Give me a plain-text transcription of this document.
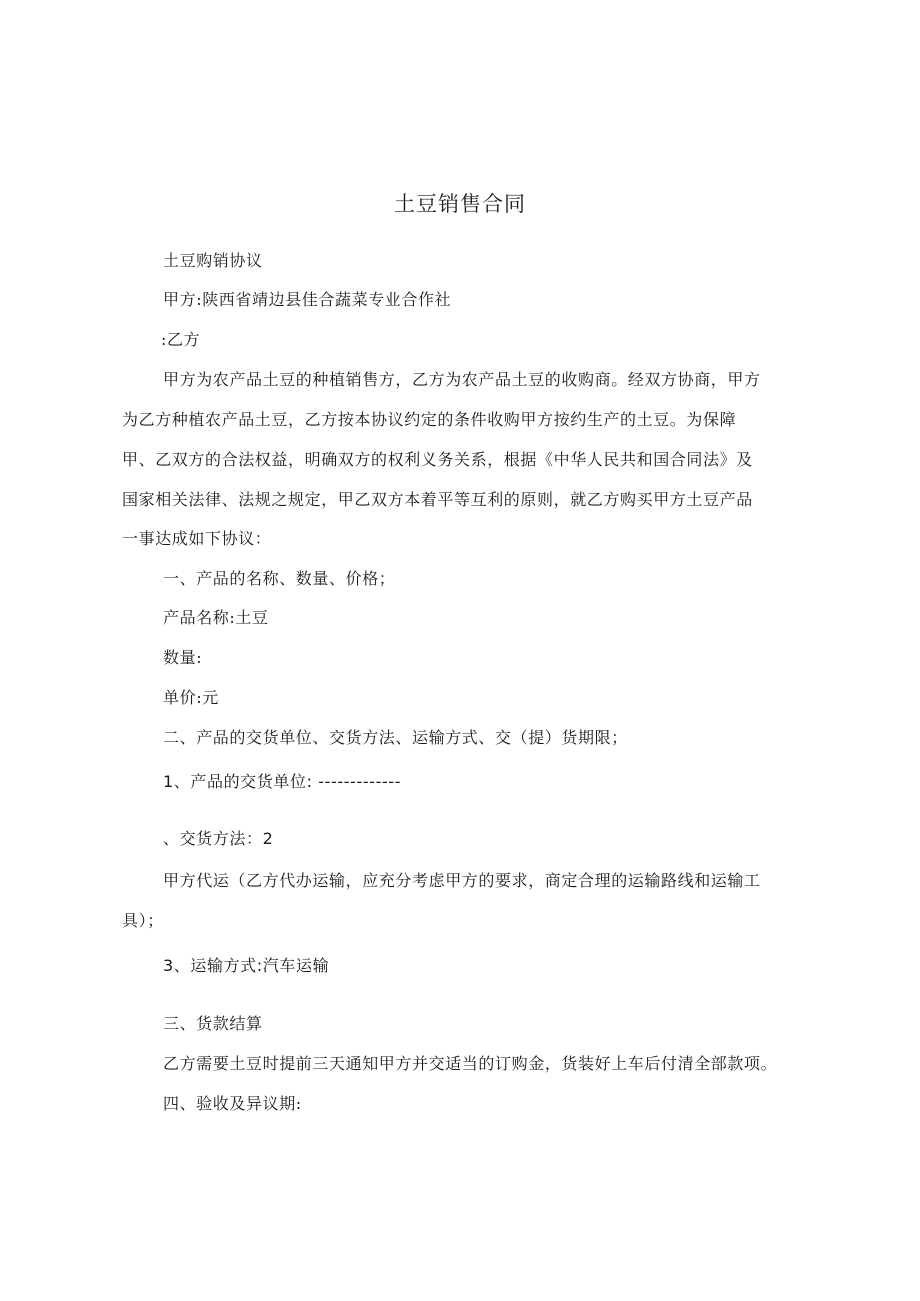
土豆销售合同
土豆购销协议
甲方:陕西省靖边县佳合蔬菜专业合作社
:乙方
甲方为农产品土豆的种植销售方，乙方为农产品土豆的收购商。经双方协商，甲方
为乙方种植农产品土豆，乙方按本协议约定的条件收购甲方按约生产的土豆。为保障
甲、乙双方的合法权益，明确双方的权利义务关系，根据《中华人民共和国合同法》及
国家相关法律、法规之规定，甲乙双方本着平等互利的原则，就乙方购买甲方土豆产品
一事达成如下协议：
一、产品的名称、数量、价格；
产品名称:土豆
数量:
单价:元
二、产品的交货单位、交货方法、运输方式、交（提）货期限；
1、产品的交货单位: -------------
、交货方法：2
甲方代运（乙方代办运输，应充分考虑甲方的要求，商定合理的运输路线和运输工
具）；
3、运输方式:汽车运输
三、货款结算
乙方需要土豆时提前三天通知甲方并交适当的订购金，货装好上车后付清全部款项。
四、验收及异议期:
